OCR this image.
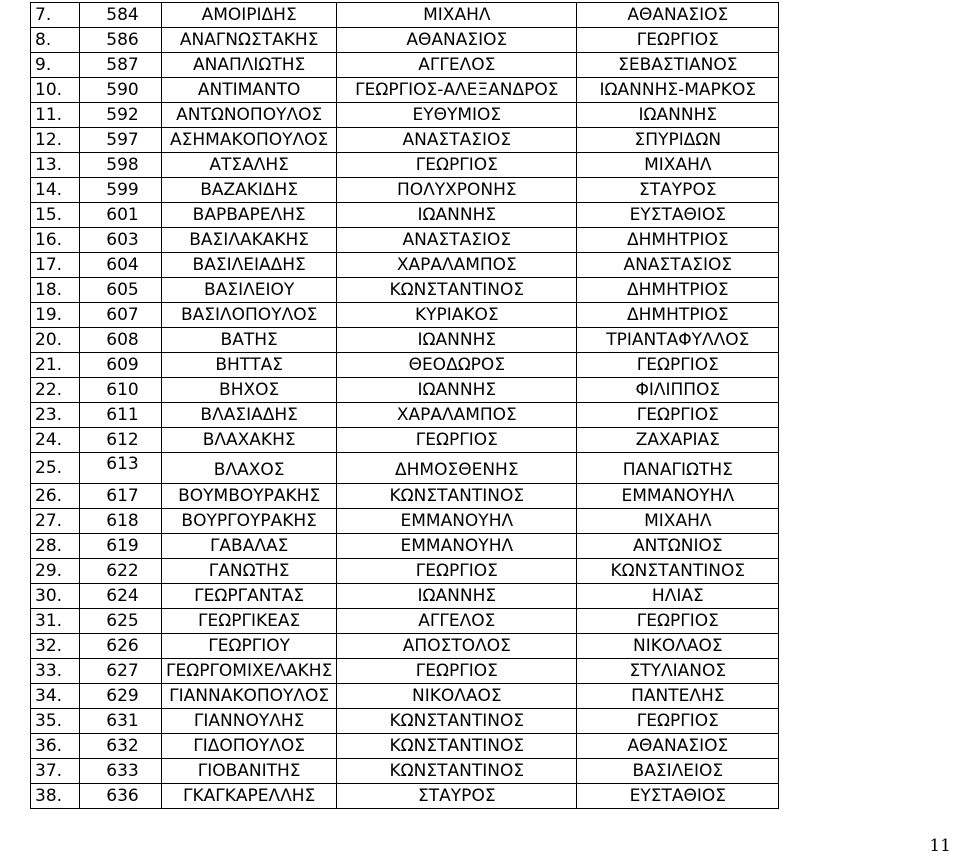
7.	584	ΑΜΟΙΡΙΔΗΣ	ΜΙΧΑΗΛ	ΑΘΑΝΑΣΙΟΣ
8.	586	ΑΝΑΓΝΩΣΤΑΚΗΣ	ΑΘΑΝΑΣΙΟΣ	ΓΕΩΡΓΙΟΣ
9.	587	ΑΝΑΠΛΙΩΤΗΣ	ΑΓΓΕΛΟΣ	ΣΕΒΑΣΤΙΑΝΟΣ
10.	590	ΑΝΤΙΜΑΝΤΟ	ΓΕΩΡΓΙΟΣ-ΑΛΕΞΑΝΔΡΟΣ	ΙΩΑΝΝΗΣ-ΜΑΡΚΟΣ
11.	592	ΑΝΤΩΝΟΠΟΥΛΟΣ	ΕΥΘΥΜΙΟΣ	ΙΩΑΝΝΗΣ
12.	597	ΑΣΗΜΑΚΟΠΟΥΛΟΣ	ΑΝΑΣΤΑΣΙΟΣ	ΣΠΥΡΙΔΩΝ
13.	598	ΑΤΣΑΛΗΣ	ΓΕΩΡΓΙΟΣ	ΜΙΧΑΗΛ
14.	599	ΒΑΖΑΚΙΔΗΣ	ΠΟΛΥΧΡΟΝΗΣ	ΣΤΑΥΡΟΣ
15.	601	ΒΑΡΒΑΡΕΛΗΣ	ΙΩΑΝΝΗΣ	ΕΥΣΤΑΘΙΟΣ
16.	603	ΒΑΣΙΛΑΚΑΚΗΣ	ΑΝΑΣΤΑΣΙΟΣ	ΔΗΜΗΤΡΙΟΣ
17.	604	ΒΑΣΙΛΕΙΑΔΗΣ	ΧΑΡΑΛΑΜΠΟΣ	ΑΝΑΣΤΑΣΙΟΣ
18.	605	ΒΑΣΙΛΕΙΟΥ	ΚΩΝΣΤΑΝΤΙΝΟΣ	ΔΗΜΗΤΡΙΟΣ
19.	607	ΒΑΣΙΛΟΠΟΥΛΟΣ	ΚΥΡΙΑΚΟΣ	ΔΗΜΗΤΡΙΟΣ
20.	608	ΒΑΤΗΣ	ΙΩΑΝΝΗΣ	ΤΡΙΑΝΤΑΦΥΛΛΟΣ
21.	609	ΒΗΤΤΑΣ	ΘΕΟΔΩΡΟΣ	ΓΕΩΡΓΙΟΣ
22.	610	ΒΗΧΟΣ	ΙΩΑΝΝΗΣ	ΦΙΛΙΠΠΟΣ
23.	611	ΒΛΑΣΙΑΔΗΣ	ΧΑΡΑΛΑΜΠΟΣ	ΓΕΩΡΓΙΟΣ
24.	612	ΒΛΑΧΑΚΗΣ	ΓΕΩΡΓΙΟΣ	ΖΑΧΑΡΙΑΣ
25.	613	ΒΛΑΧΟΣ	ΔΗΜΟΣΘΕΝΗΣ	ΠΑΝΑΓΙΩΤΗΣ
26.	617	ΒΟΥΜΒΟΥΡΑΚΗΣ	ΚΩΝΣΤΑΝΤΙΝΟΣ	ΕΜΜΑΝΟΥΗΛ
27.	618	ΒΟΥΡΓΟΥΡΑΚΗΣ	ΕΜΜΑΝΟΥΗΛ	ΜΙΧΑΗΛ
28.	619	ΓΑΒΑΛΑΣ	ΕΜΜΑΝΟΥΗΛ	ΑΝΤΩΝΙΟΣ
29.	622	ΓΑΝΩΤΗΣ	ΓΕΩΡΓΙΟΣ	ΚΩΝΣΤΑΝΤΙΝΟΣ
30.	624	ΓΕΩΡΓΑΝΤΑΣ	ΙΩΑΝΝΗΣ	ΗΛΙΑΣ
31.	625	ΓΕΩΡΓΙΚΕΑΣ	ΑΓΓΕΛΟΣ	ΓΕΩΡΓΙΟΣ
32.	626	ΓΕΩΡΓΙΟΥ	ΑΠΟΣΤΟΛΟΣ	ΝΙΚΟΛΑΟΣ
33.	627	ΓΕΩΡΓΟΜΙΧΕΛΑΚΗΣ	ΓΕΩΡΓΙΟΣ	ΣΤΥΛΙΑΝΟΣ
34.	629	ΓΙΑΝΝΑΚΟΠΟΥΛΟΣ	ΝΙΚΟΛΑΟΣ	ΠΑΝΤΕΛΗΣ
35.	631	ΓΙΑΝΝΟΥΛΗΣ	ΚΩΝΣΤΑΝΤΙΝΟΣ	ΓΕΩΡΓΙΟΣ
36.	632	ΓΙΔΟΠΟΥΛΟΣ	ΚΩΝΣΤΑΝΤΙΝΟΣ	ΑΘΑΝΑΣΙΟΣ
37.	633	ΓΙΟΒΑΝΙΤΗΣ	ΚΩΝΣΤΑΝΤΙΝΟΣ	ΒΑΣΙΛΕΙΟΣ
38.	636	ΓΚΑΓΚΑΡΕΛΛΗΣ	ΣΤΑΥΡΟΣ	ΕΥΣΤΑΘΙΟΣ
11
